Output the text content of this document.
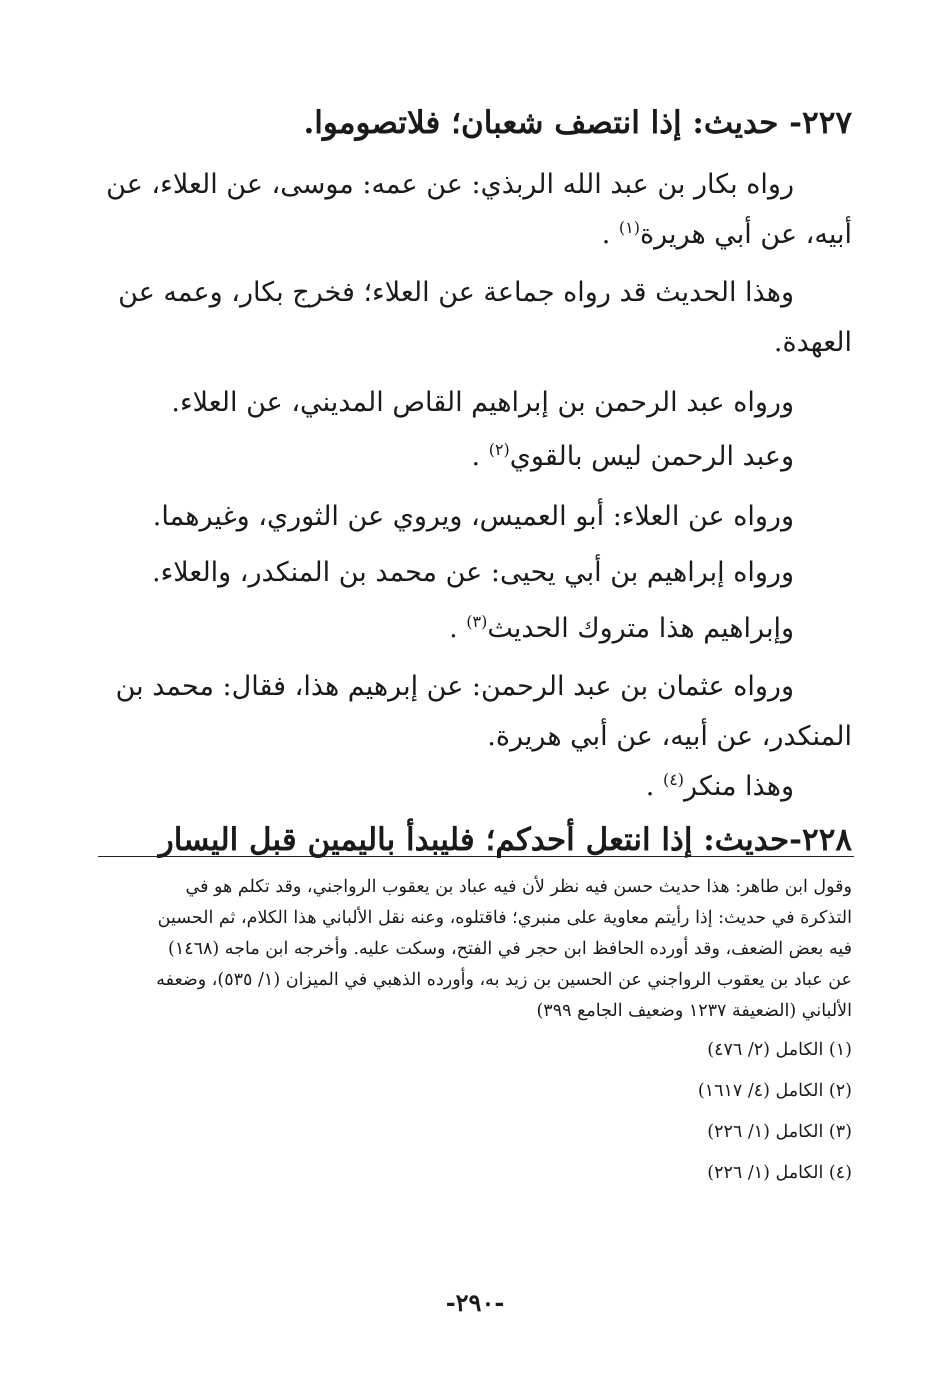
٢٢٧- حديث: إذا انتصف شعبان؛ فلاتصوموا.
رواه بكار بن عبد الله الربذي: عن عمه: موسى، عن العلاء، عن
أبيه، عن أبي هريرة$^{(١)}$ .
وهذا الحديث قد رواه جماعة عن العلاء؛ فخرج بكار، وعمه عن
العهدة.
ورواه عبد الرحمن بن إبراهيم القاص المديني، عن العلاء.
وعبد الرحمن ليس بالقوي$^{(٢)}$ .
ورواه عن العلاء: أبو العميس، ويروي عن الثوري، وغيرهما.
ورواه إبراهيم بن أبي يحيى: عن محمد بن المنكدر، والعلاء.
وإبراهيم هذا متروك الحديث$^{(٣)}$ .
ورواه عثمان بن عبد الرحمن: عن إبرهيم هذا، فقال: محمد بن
المنكدر، عن أبيه، عن أبي هريرة.
وهذا منكر$^{(٤)}$ .
٢٢٨-حديث: إذا انتعل أحدكم؛ فليبدأ باليمين قبل اليسار
وقول ابن طاهر: هذا حديث حسن فيه نظر لأن فيه عباد بن يعقوب الرواجني، وقد تكلم هو في
التذكرة في حديث: إذا رأيتم معاوية على منبري؛ فاقتلوه، وعنه نقل الألباني هذا الكلام، ثم الحسين
فيه بعض الضعف، وقد أورده الحافظ ابن حجر في الفتح، وسكت عليه. وأخرجه ابن ماجه (١٤٦٨)
عن عباد بن يعقوب الرواجني عن الحسين بن زيد به، وأورده الذهبي في الميزان (١/ ٥٣٥)، وضعفه
الألباني (الضعيفة ١٢٣٧ وضعيف الجامع ٣٩٩)
(١) الكامل (٢/ ٤٧٦)
(٢) الكامل (٤/ ١٦١٧)
(٣) الكامل (١/ ٢٢٦)
(٤) الكامل (١/ ٢٢٦)
-٢٩٠-
